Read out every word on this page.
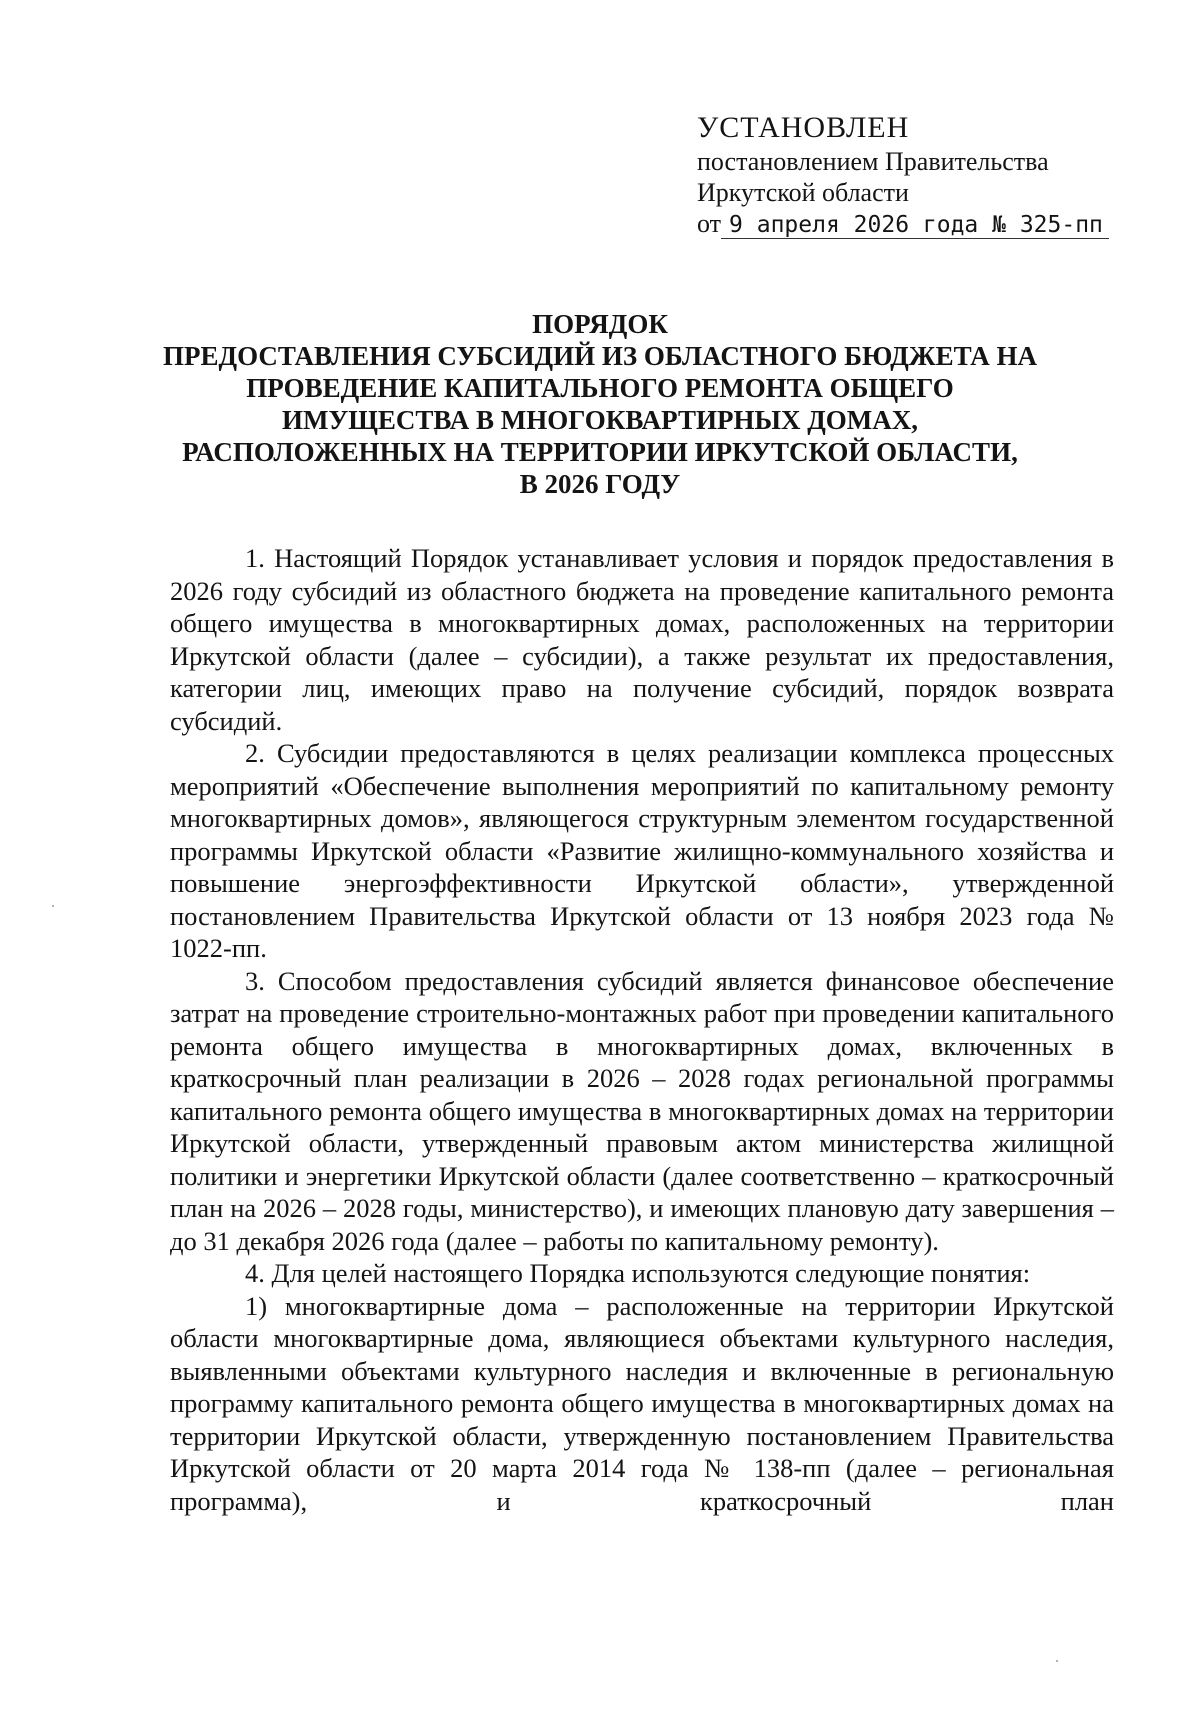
УСТАНОВЛЕН
постановлением Правительства
Иркутской области
от 9 апреля 2026 года № 325-пп
ПОРЯДОК
ПРЕДОСТАВЛЕНИЯ СУБСИДИЙ ИЗ ОБЛАСТНОГО БЮДЖЕТА НА
ПРОВЕДЕНИЕ КАПИТАЛЬНОГО РЕМОНТА ОБЩЕГО
ИМУЩЕСТВА В МНОГОКВАРТИРНЫХ ДОМАХ,
РАСПОЛОЖЕННЫХ НА ТЕРРИТОРИИ ИРКУТСКОЙ ОБЛАСТИ,
В 2026 ГОДУ

1. Настоящий Порядок устанавливает условия и порядок предоставления в 2026 году субсидий из областного бюджета на проведение капитального ремонта общего имущества в многоквартирных домах, расположенных на территории Иркутской области (далее – субсидии), а также результат их предоставления, категории лиц, имеющих право на получение субсидий, порядок возврата субсидий.

2. Субсидии предоставляются в целях реализации комплекса процессных мероприятий «Обеспечение выполнения мероприятий по капитальному ремонту многоквартирных домов», являющегося структурным элементом государственной программы Иркутской области «Развитие жилищно-коммунального хозяйства и повышение энергоэффективности Иркутской области», утвержденной постановлением Правительства Иркутской области от 13 ноября 2023 года № 1022-пп.

3. Способом предоставления субсидий является финансовое обеспечение затрат на проведение строительно-монтажных работ при проведении капитального ремонта общего имущества в многоквартирных домах, включенных в краткосрочный план реализации в 2026 – 2028 годах региональной программы капитального ремонта общего имущества в многоквартирных домах на территории Иркутской области, утвержденный правовым актом министерства жилищной политики и энергетики Иркутской области (далее соответственно – краткосрочный план на 2026 – 2028 годы, министерство), и имеющих плановую дату завершения – до 31 декабря 2026 года (далее – работы по капитальному ремонту).

4. Для целей настоящего Порядка используются следующие понятия:

1) многоквартирные дома – расположенные на территории Иркутской области многоквартирные дома, являющиеся объектами культурного наследия, выявленными объектами культурного наследия и включенные в региональную программу капитального ремонта общего имущества в многоквартирных домах на территории Иркутской области, утвержденную постановлением Правительства Иркутской области от 20 марта 2014 года № 138-пп (далее – региональная программа), и краткосрочный план
